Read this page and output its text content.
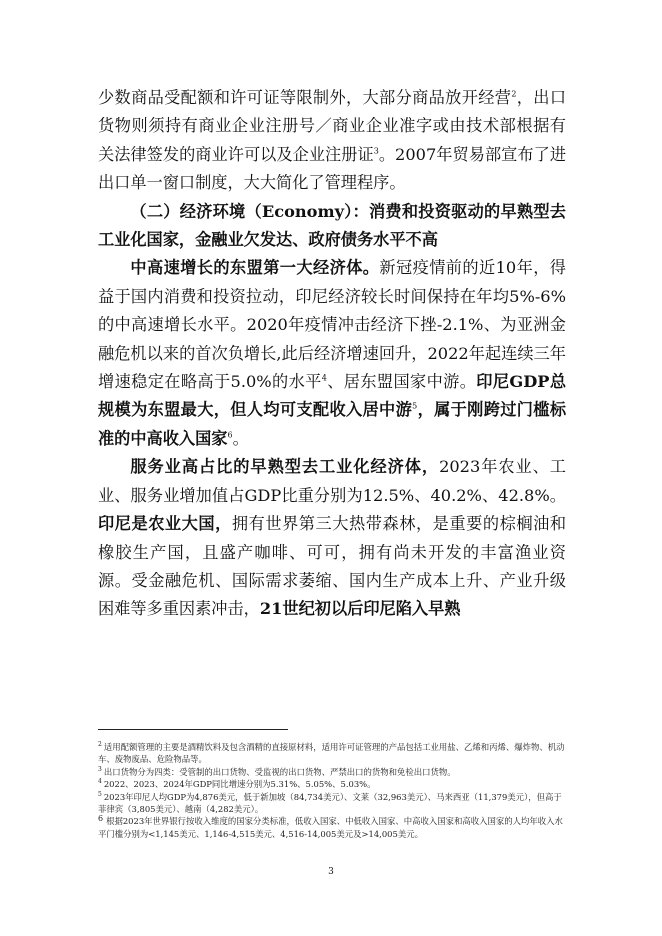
少数商品受配额和许可证等限制外，大部分商品放开经营$^2$，出口货物则须持有商业企业注册号／商业企业准字或由技术部根据有关法律签发的商业许可以及企业注册证$^3$。2007年贸易部宣布了进出口单一窗口制度，大大简化了管理程序。

（二）经济环境（Economy）：消费和投资驱动的早熟型去工业化国家，金融业欠发达、政府债务水平不高

中高速增长的东盟第一大经济体。新冠疫情前的近10年，得益于国内消费和投资拉动，印尼经济较长时间保持在年均5%-6%的中高速增长水平。2020年疫情冲击经济下挫-2.1%、为亚洲金融危机以来的首次负增长,此后经济增速回升，2022年起连续三年增速稳定在略高于5.0%的水平$^4$、居东盟国家中游。印尼GDP总规模为东盟最大，但人均可支配收入居中游$^5$，属于刚跨过门槛标准的中高收入国家$^6$。

服务业高占比的早熟型去工业化经济体，2023年农业、工业、服务业增加值占GDP比重分别为12.5%、40.2%、42.8%。印尼是农业大国，拥有世界第三大热带森林，是重要的棕榈油和橡胶生产国，且盛产咖啡、可可，拥有尚未开发的丰富渔业资源。受金融危机、国际需求萎缩、国内生产成本上升、产业升级困难等多重因素冲击，21世纪初以后印尼陷入早熟

$^2$ 适用配额管理的主要是酒精饮料及包含酒精的直接原材料，适用许可证管理的产品包括工业用盐、乙烯和丙烯、爆炸物、机动车、废物废品、危险物品等。

$^3$ 出口货物分为四类：受管制的出口货物、受监视的出口货物、严禁出口的货物和免检出口货物。

$^4$ 2022、2023、2024年GDP同比增速分别为5.31%、5.05%、5.03%。

$^5$ 2023年印尼人均GDP为4,876美元，低于新加坡（84,734美元）、文莱（32,963美元）、马来西亚（11,379美元），但高于菲律宾（3,805美元）、越南（4,282美元）。

6 根据2023年世界银行按收入维度的国家分类标准，低收入国家、中低收入国家、中高收入国家和高收入国家的人均年收入水平门槛分别为<1,145美元、1,146-4,515美元、4,516-14,005美元及>14,005美元。

3
